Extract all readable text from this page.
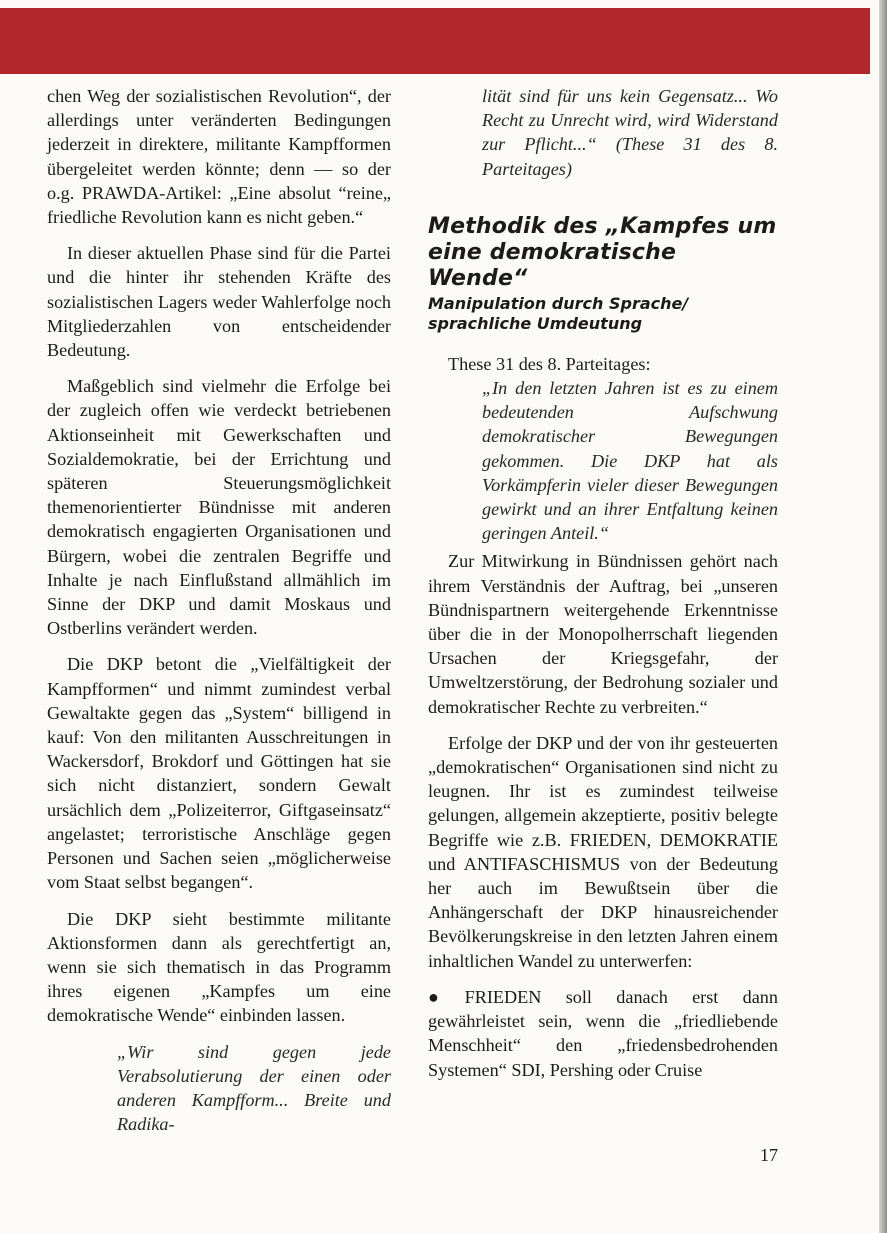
chen Weg der sozialistischen Revolution“, der allerdings unter veränderten Bedingungen jederzeit in direktere, militante Kampfformen übergeleitet werden könnte; denn — so der o.g. PRAWDA-Artikel: „Eine absolut “reine„ friedliche Revolution kann es nicht geben.“

In dieser aktuellen Phase sind für die Partei und die hinter ihr stehenden Kräfte des sozialistischen Lagers weder Wahlerfolge noch Mitgliederzahlen von entscheidender Bedeutung.

Maßgeblich sind vielmehr die Erfolge bei der zugleich offen wie verdeckt betriebenen Aktionseinheit mit Gewerkschaften und Sozialdemokratie, bei der Errichtung und späteren Steuerungsmöglichkeit themenorientierter Bündnisse mit anderen demokratisch engagierten Organisationen und Bürgern, wobei die zentralen Begriffe und Inhalte je nach Einflußstand allmählich im Sinne der DKP und damit Moskaus und Ostberlins verändert werden.

Die DKP betont die „Vielfältigkeit der Kampfformen“ und nimmt zumindest verbal Gewaltakte gegen das „System“ billigend in kauf: Von den militanten Ausschreitungen in Wackersdorf, Brokdorf und Göttingen hat sie sich nicht distanziert, sondern Gewalt ursächlich dem „Polizeiterror, Giftgaseinsatz“ angelastet; terroristische Anschläge gegen Personen und Sachen seien „möglicherweise vom Staat selbst begangen“.

Die DKP sieht bestimmte militante Aktionsformen dann als gerechtfertigt an, wenn sie sich thematisch in das Programm ihres eigenen „Kampfes um eine demokratische Wende“ einbinden lassen.

„Wir sind gegen jede Verabsolutierung der einen oder anderen Kampfform... Breite und Radika-

lität sind für uns kein Gegensatz... Wo Recht zu Unrecht wird, wird Widerstand zur Pflicht...“ (These 31 des 8. Parteitages)

Methodik des „Kampfes um eine demokratische Wende“

Manipulation durch Sprache/ sprachliche Umdeutung

These 31 des 8. Parteitages:

„In den letzten Jahren ist es zu einem bedeutenden Aufschwung demokratischer Bewegungen gekommen. Die DKP hat als Vorkämpferin vieler dieser Bewegungen gewirkt und an ihrer Entfaltung keinen geringen Anteil.“

Zur Mitwirkung in Bündnissen gehört nach ihrem Verständnis der Auftrag, bei „unseren Bündnispartnern weitergehende Erkenntnisse über die in der Monopolherrschaft liegenden Ursachen der Kriegsgefahr, der Umweltzerstörung, der Bedrohung sozialer und demokratischer Rechte zu verbreiten.“

Erfolge der DKP und der von ihr gesteuerten „demokratischen“ Organisationen sind nicht zu leugnen. Ihr ist es zumindest teilweise gelungen, allgemein akzeptierte, positiv belegte Begriffe wie z.B. FRIEDEN, DEMOKRATIE und ANTIFASCHISMUS von der Bedeutung her auch im Bewußtsein über die Anhängerschaft der DKP hinausreichender Bevölkerungskreise in den letzten Jahren einem inhaltlichen Wandel zu unterwerfen:

● FRIEDEN soll danach erst dann gewährleistet sein, wenn die „friedliebende Menschheit“ den „friedensbedrohenden Systemen“ SDI, Pershing oder Cruise

17
